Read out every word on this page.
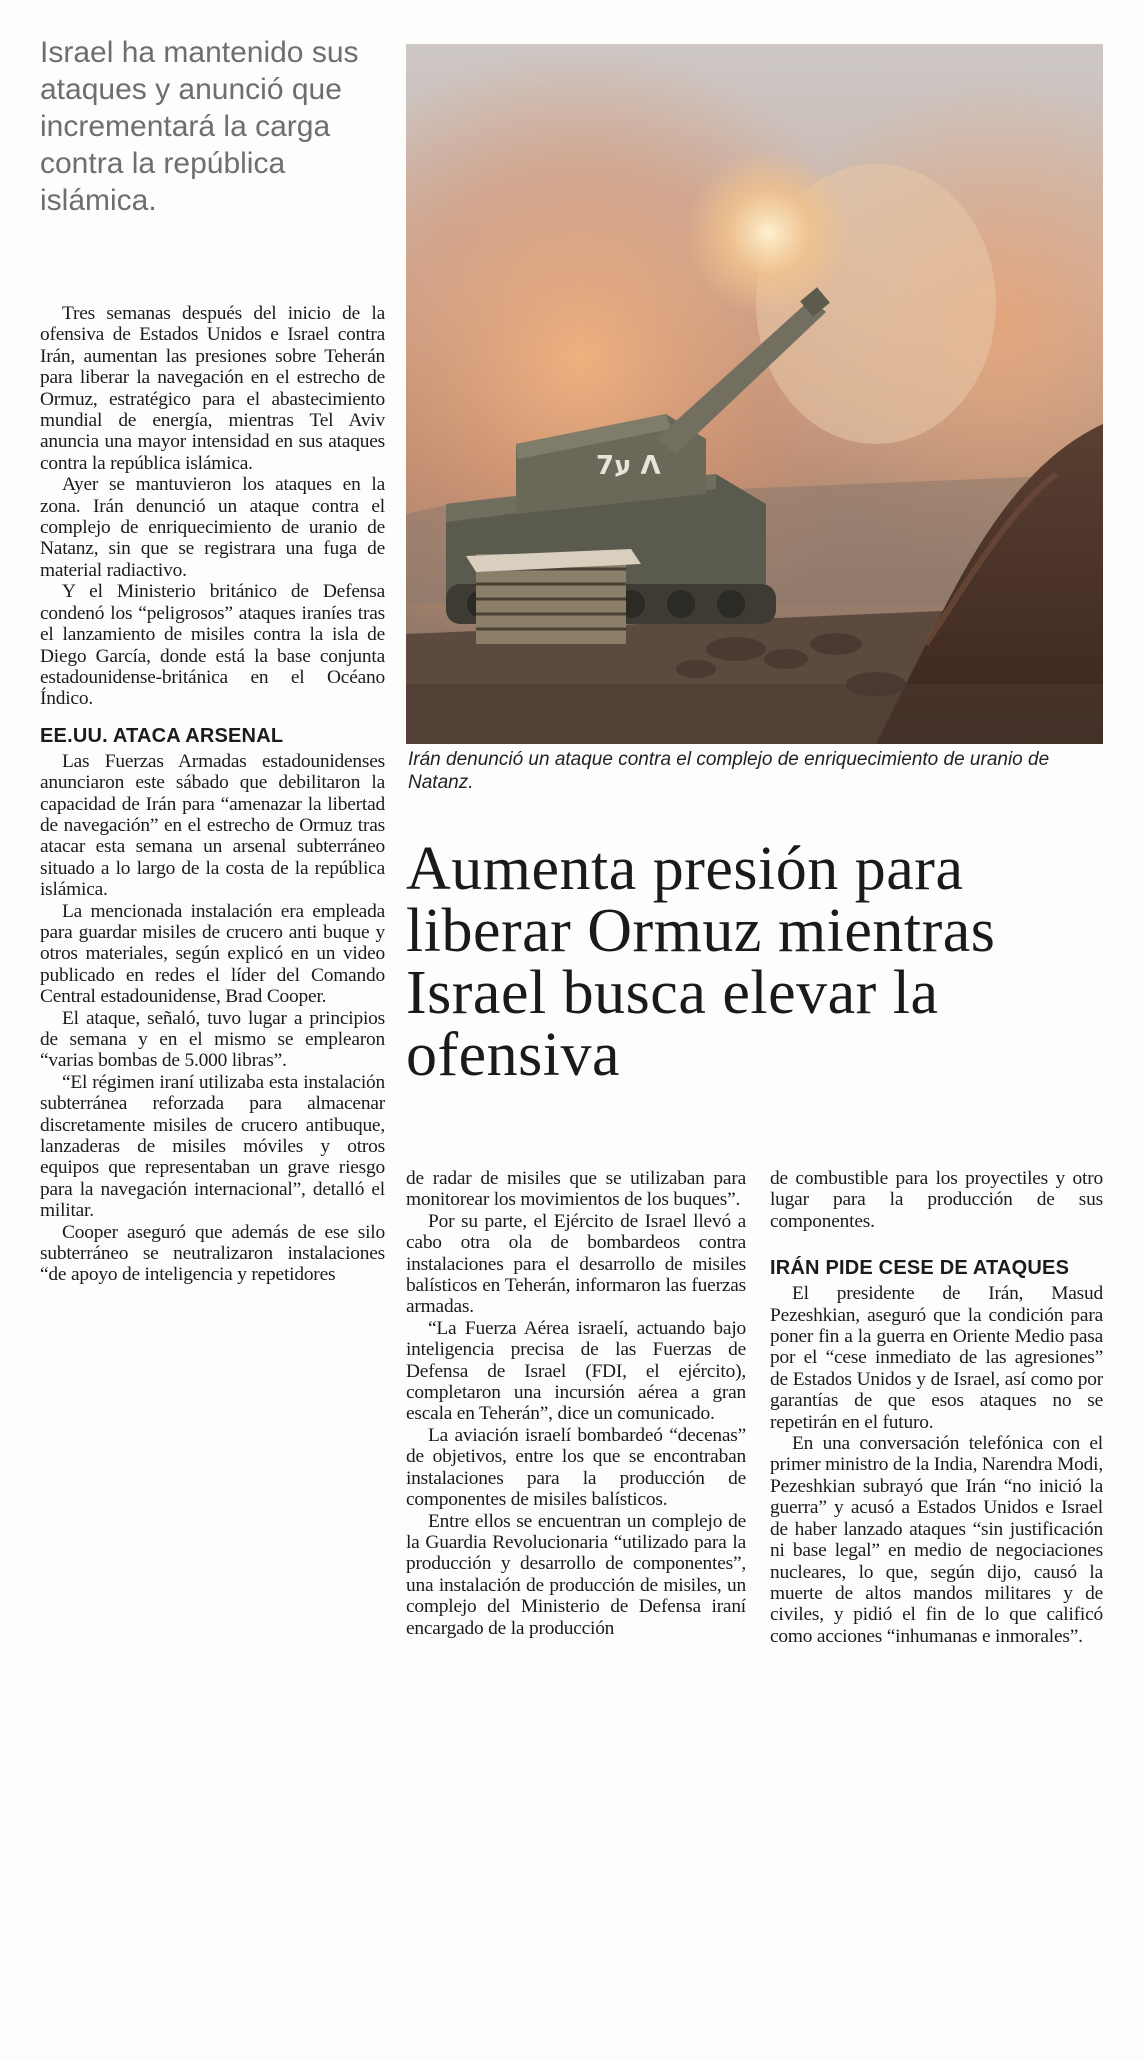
Israel ha mantenido sus ataques y anunció que incrementará la carga contra la república islámica.

Tres semanas después del inicio de la ofensiva de Estados Unidos e Israel contra Irán, aumentan las presiones sobre Teherán para liberar la navegación en el estrecho de Ormuz, estratégico para el abastecimiento mundial de energía, mientras Tel Aviv anuncia una mayor intensidad en sus ataques contra la república islámica.

Ayer se mantuvieron los ataques en la zona. Irán denunció un ataque contra el complejo de enriquecimiento de uranio de Natanz, sin que se registrara una fuga de material radiactivo.

Y el Ministerio británico de Defensa condenó los “peligrosos” ataques iraníes tras el lanzamiento de misiles contra la isla de Diego García, donde está la base conjunta estadounidense-británica en el Océano Índico.

EE.UU. ATACA ARSENAL

Las Fuerzas Armadas estadounidenses anunciaron este sábado que debilitaron la capacidad de Irán para “amenazar la libertad de navegación” en el estrecho de Ormuz tras atacar esta semana un arsenal subterráneo situado a lo largo de la costa de la república islámica.

La mencionada instalación era empleada para guardar misiles de crucero anti buque y otros materiales, según explicó en un video publicado en redes el líder del Comando Central estadounidense, Brad Cooper.

El ataque, señaló, tuvo lugar a principios de semana y en el mismo se emplearon “varias bombas de 5.000 libras”.

“El régimen iraní utilizaba esta instalación subterránea reforzada para almacenar discretamente misiles de crucero antibuque, lanzaderas de misiles móviles y otros equipos que representaban un grave riesgo para la navegación internacional”, detalló el militar.

Cooper aseguró que además de ese silo subterráneo se neutralizaron instalaciones “de apoyo de inteligencia y repetidores

ע7 Λ
Irán denunció un ataque contra el complejo de enriquecimiento de uranio de Natanz.
Aumenta presión para liberar Ormuz mientras Israel busca elevar la ofensiva

de radar de misiles que se utilizaban para monitorear los movimientos de los buques”.

Por su parte, el Ejército de Israel llevó a cabo otra ola de bombardeos contra instalaciones para el desarrollo de misiles balísticos en Teherán, informaron las fuerzas armadas.

“La Fuerza Aérea israelí, actuando bajo inteligencia precisa de las Fuerzas de Defensa de Israel (FDI, el ejército), completaron una incursión aérea a gran escala en Teherán”, dice un comunicado.

La aviación israelí bombardeó “decenas” de objetivos, entre los que se encontraban instalaciones para la producción de componentes de misiles balísticos.

Entre ellos se encuentran un complejo de la Guardia Revolucionaria “utilizado para la producción y desarrollo de componentes”, una instalación de producción de misiles, un complejo del Ministerio de Defensa iraní encargado de la producción

de combustible para los proyectiles y otro lugar para la producción de sus componentes.

IRÁN PIDE CESE DE ATAQUES

El presidente de Irán, Masud Pezeshkian, aseguró que la condición para poner fin a la guerra en Oriente Medio pasa por el “cese inmediato de las agresiones” de Estados Unidos y de Israel, así como por garantías de que esos ataques no se repetirán en el futuro.

En una conversación telefónica con el primer ministro de la India, Narendra Modi, Pezeshkian subrayó que Irán “no inició la guerra” y acusó a Estados Unidos e Israel de haber lanzado ataques “sin justificación ni base legal” en medio de negociaciones nucleares, lo que, según dijo, causó la muerte de altos mandos militares y de civiles, y pidió el fin de lo que calificó como acciones “inhumanas e inmorales”.
